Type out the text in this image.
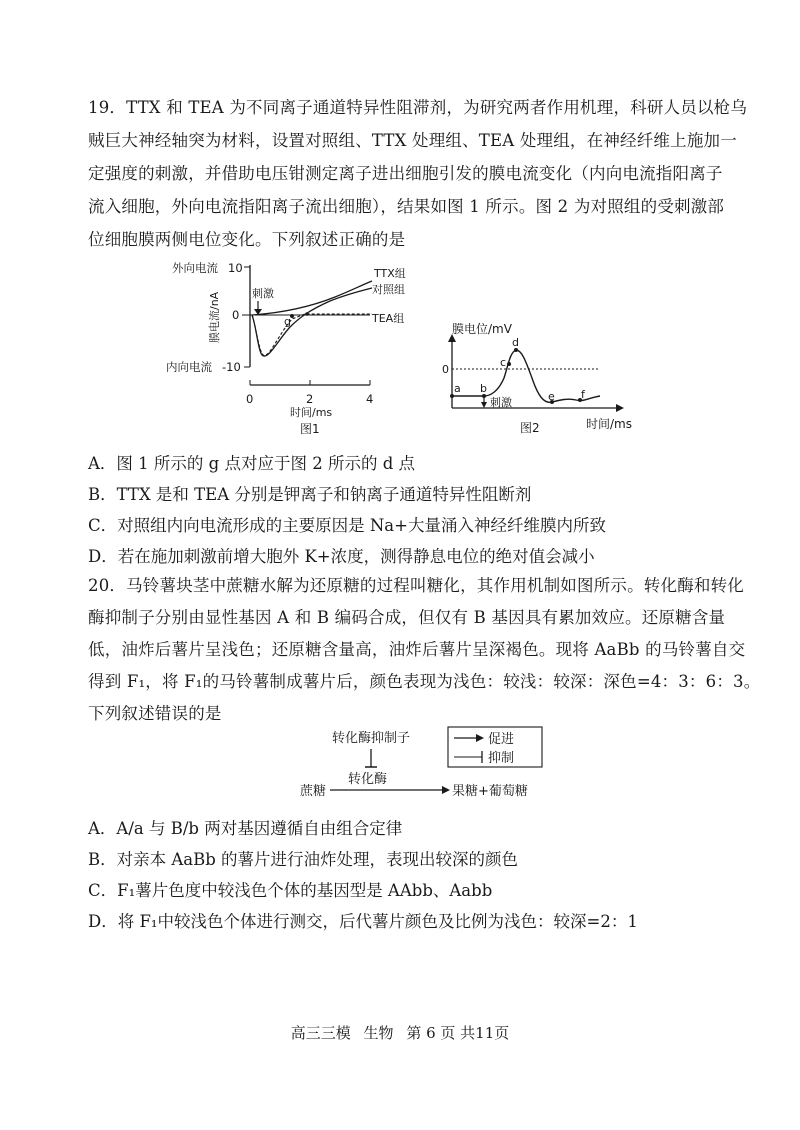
19．TTX 和 TEA 为不同离子通道特异性阻滞剂，为研究两者作用机理，科研人员以枪乌
贼巨大神经轴突为材料，设置对照组、TTX 处理组、TEA 处理组，在神经纤维上施加一
定强度的刺激，并借助电压钳测定离子进出细胞引发的膜电流变化（内向电流指阳离子
流入细胞，外向电流指阳离子流出细胞），结果如图 1 所示。图 2 为对照组的受刺激部
位细胞膜两侧电位变化。下列叙述正确的是
外向电流 10
0
内向电流 -10
膜电流/nA	刺激
g
TTX组
对照组
TEA组
0	2	4
时间/ms
图1
膜电位/mV
0
a b
c
d
e f
刺激
图2	时间/ms
A．图 1 所示的 g 点对应于图 2 所示的 d 点
B．TTX 是和 TEA 分别是钾离子和钠离子通道特异性阻断剂
C．对照组内向电流形成的主要原因是 Na+大量涌入神经纤维膜内所致
D．若在施加刺激前增大胞外 K+浓度，测得静息电位的绝对值会减小
20．马铃薯块茎中蔗糖水解为还原糖的过程叫糖化，其作用机制如图所示。转化酶和转化
酶抑制子分别由显性基因 A 和 B 编码合成，但仅有 B 基因具有累加效应。还原糖含量
低，油炸后薯片呈浅色；还原糖含量高，油炸后薯片呈深褐色。现将 AaBb 的马铃薯自交
得到 F₁，将 F₁的马铃薯制成薯片后，颜色表现为浅色：较浅：较深：深色=4：3：6：3。
下列叙述错误的是
转化酶抑制子
转化酶
蔗糖	果糖+葡萄糖
促进
抑制
A．A/a 与 B/b 两对基因遵循自由组合定律
B．对亲本 AaBb 的薯片进行油炸处理，表现出较深的颜色
C．F₁薯片色度中较浅色个体的基因型是 AAbb、Aabb
D．将 F₁中较浅色个体进行测交，后代薯片颜色及比例为浅色：较深=2：1
高三三模 生物 第 6 页 共11页
